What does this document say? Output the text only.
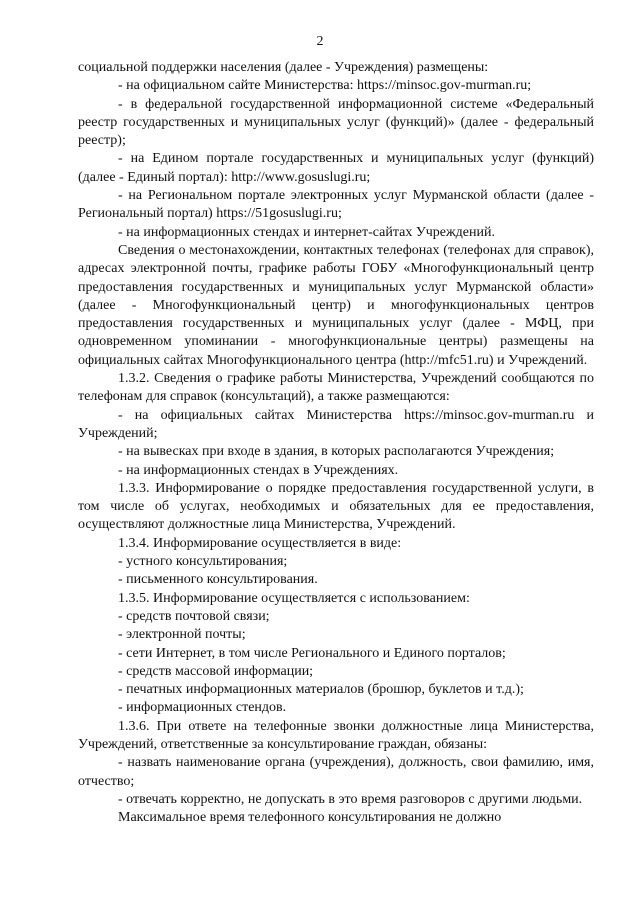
2

социальной поддержки населения (далее - Учреждения) размещены:

- на официальном сайте Министерства: https://minsoc.gov-murman.ru;

- в федеральной государственной информационной системе «Федеральный реестр государственных и муниципальных услуг (функций)» (далее - федеральный реестр);

- на Едином портале государственных и муниципальных услуг (функций) (далее - Единый портал): http://www.gosuslugi.ru;

- на Региональном портале электронных услуг Мурманской области (далее - Региональный портал) https://51gosuslugi.ru;

- на информационных стендах и интернет-сайтах Учреждений.

Сведения о местонахождении, контактных телефонах (телефонах для справок), адресах электронной почты, графике работы ГОБУ «Многофункциональный центр предоставления государственных и муниципальных услуг Мурманской области» (далее - Многофункциональный центр) и многофункциональных центров предоставления государственных и муниципальных услуг (далее - МФЦ, при одновременном упоминании - многофункциональные центры) размещены на официальных сайтах Многофункционального центра (http://mfc51.ru) и Учреждений.

1.3.2. Сведения о графике работы Министерства, Учреждений сообщаются по телефонам для справок (консультаций), а также размещаются:

- на официальных сайтах Министерства https://minsoc.gov-murman.ru и Учреждений;

- на вывесках при входе в здания, в которых располагаются Учреждения;

- на информационных стендах в Учреждениях.

1.3.3. Информирование о порядке предоставления государственной услуги, в том числе об услугах, необходимых и обязательных для ее предоставления, осуществляют должностные лица Министерства, Учреждений.

1.3.4. Информирование осуществляется в виде:

- устного консультирования;

- письменного консультирования.

1.3.5. Информирование осуществляется с использованием:

- средств почтовой связи;

- электронной почты;

- сети Интернет, в том числе Регионального и Единого порталов;

- средств массовой информации;

- печатных информационных материалов (брошюр, буклетов и т.д.);

- информационных стендов.

1.3.6. При ответе на телефонные звонки должностные лица Министерства, Учреждений, ответственные за консультирование граждан, обязаны:

- назвать наименование органа (учреждения), должность, свои фамилию, имя, отчество;

- отвечать корректно, не допускать в это время разговоров с другими людьми.

Максимальное время телефонного консультирования не должно
